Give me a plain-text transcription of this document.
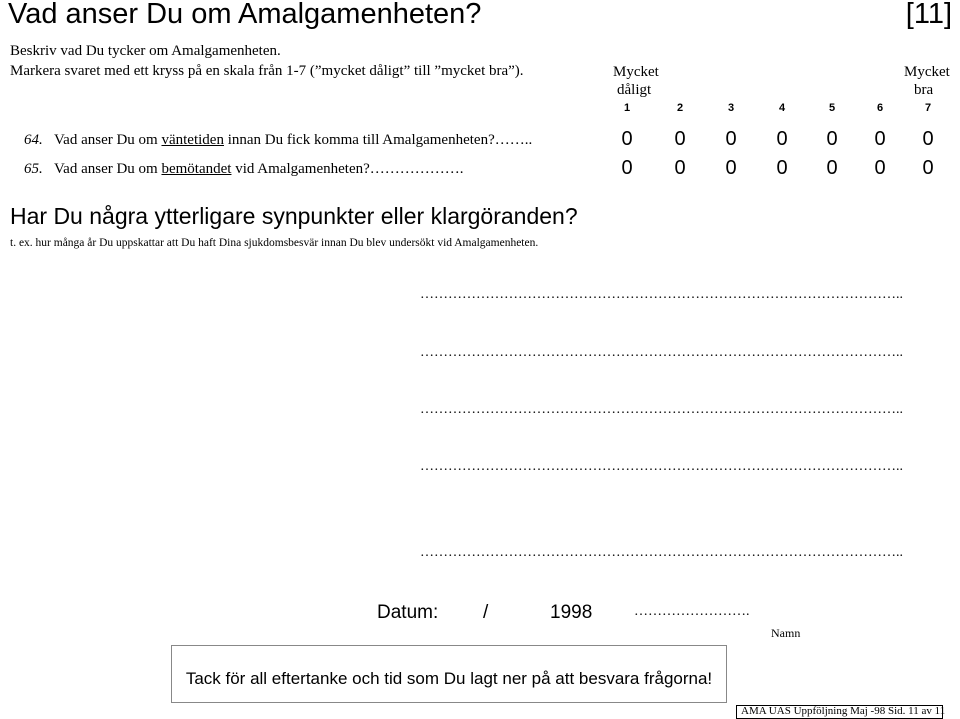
Vad anser Du om Amalgamenheten?	[11]
Beskriv vad Du tycker om Amalgamenheten.
Markera svaret med ett kryss på en skala från 1-7 (”mycket dåligt” till ”mycket bra”).	Mycket
dåligt
Mycket
bra
1	2	3	4	5	6	7
64. Vad anser Du om väntetiden innan Du fick komma till Amalgamenheten?……..	0 0 0 0 0 0 0
65. Vad anser Du om bemötandet vid Amalgamenheten?……………….	0 0 0 0 0 0 0
Har Du några ytterligare synpunkter eller klargöranden?
t. ex. hur många år Du uppskattar att Du haft Dina sjukdomsbesvär innan Du blev undersökt vid Amalgamenheten.
…………………………………………………………………………………………..
…………………………………………………………………………………………..
…………………………………………………………………………………………..
…………………………………………………………………………………………..
…………………………………………………………………………………………..
Datum: /	1998	…………………….
Namn
Tack för all eftertanke och tid som Du lagt ner på att besvara frågorna!
AMA UAS Uppföljning Maj -98 Sid. 11 av 11
